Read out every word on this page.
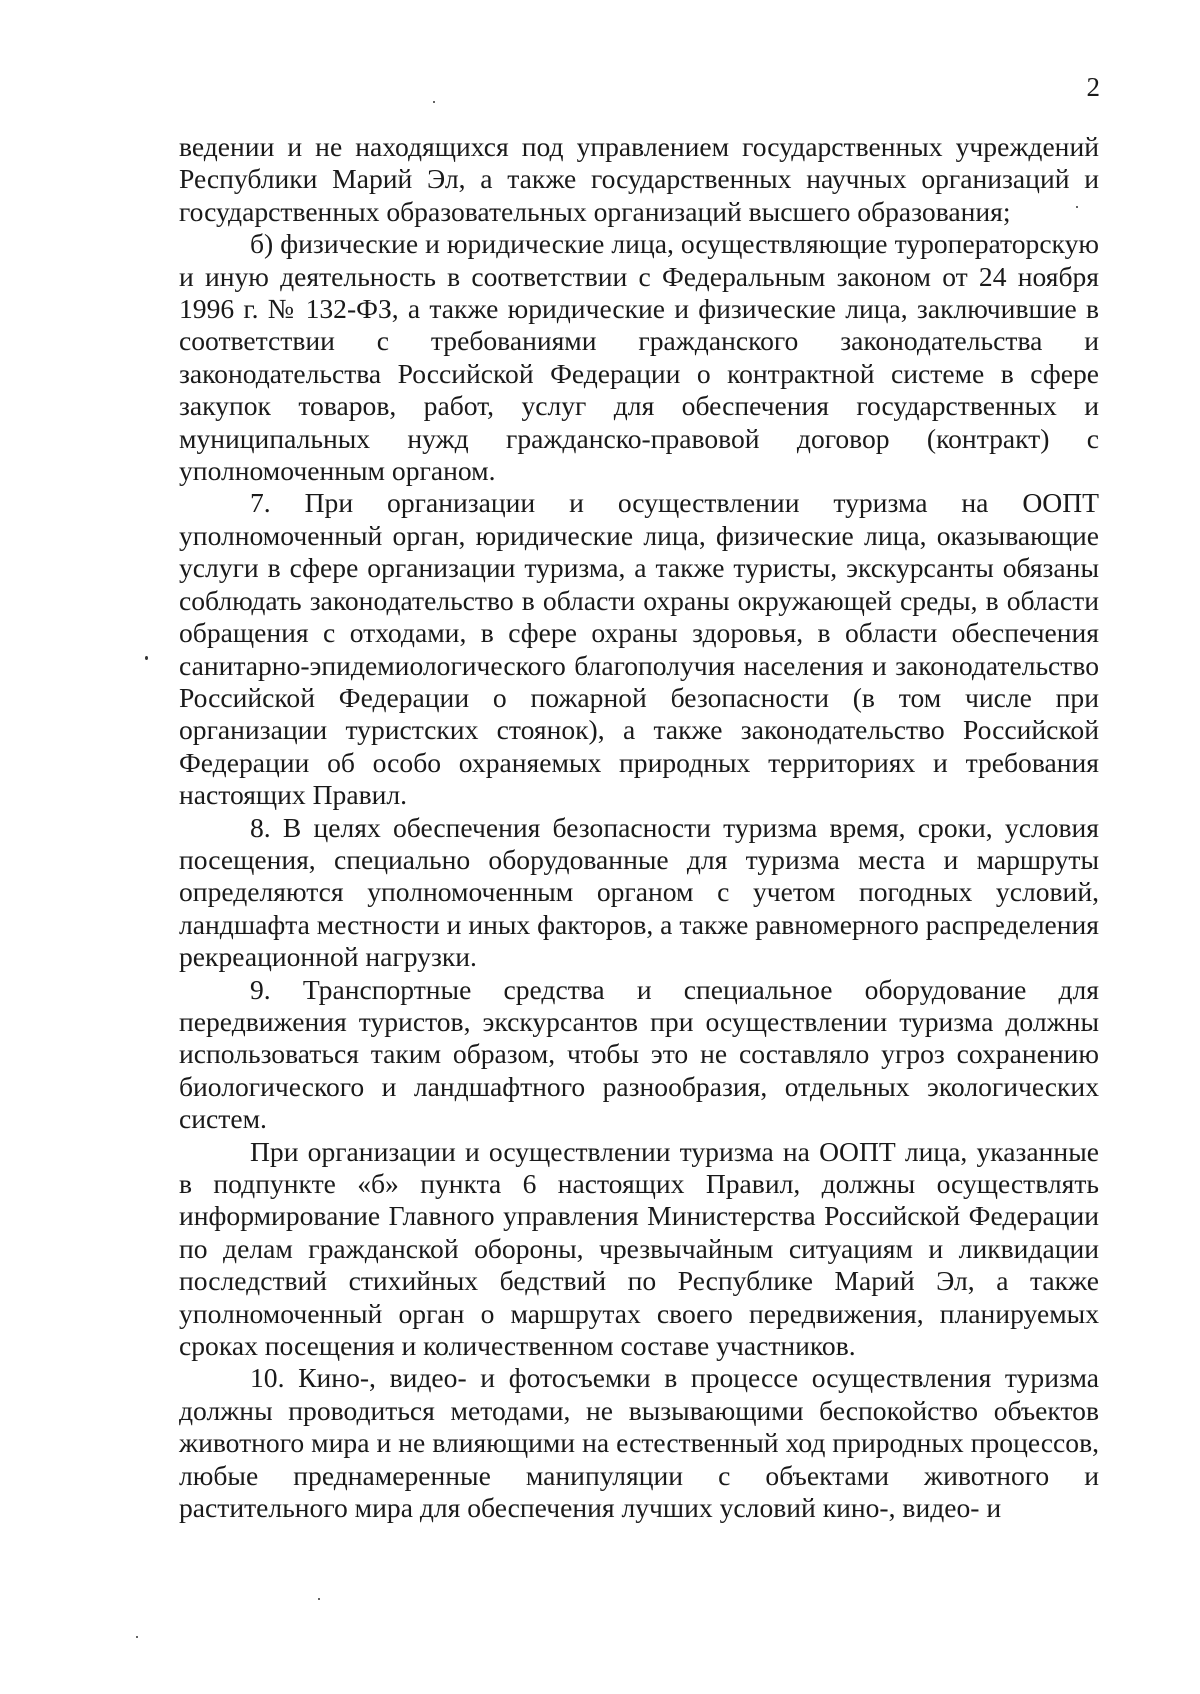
2

ведении и не находящихся под управлением государственных учреждений Республики Марий Эл, а также государственных научных организаций и государственных образовательных организаций высшего образования;

б) физические и юридические лица, осуществляющие туроператорскую и иную деятельность в соответствии с Федеральным законом от 24 ноября 1996 г. № 132-ФЗ, а также юридические и физические лица, заключившие в соответствии с требованиями гражданского законодательства и законодательства Российской Федерации о контрактной системе в сфере закупок товаров, работ, услуг для обеспечения государственных и муниципальных нужд гражданско-правовой договор (контракт) с уполномоченным органом.

7. При организации и осуществлении туризма на ООПТ уполномоченный орган, юридические лица, физические лица, оказывающие услуги в сфере организации туризма, а также туристы, экскурсанты обязаны соблюдать законодательство в области охраны окружающей среды, в области обращения с отходами, в сфере охраны здоровья, в области обеспечения санитарно-эпидемиологического благополучия населения и законодательство Российской Федерации о пожарной безопасности (в том числе при организации туристских стоянок), а также законодательство Российской Федерации об особо охраняемых природных территориях и требования настоящих Правил.

8. В целях обеспечения безопасности туризма время, сроки, условия посещения, специально оборудованные для туризма места и маршруты определяются уполномоченным органом с учетом погодных условий, ландшафта местности и иных факторов, а также равномерного распределения рекреационной нагрузки.

9. Транспортные средства и специальное оборудование для передвижения туристов, экскурсантов при осуществлении туризма должны использоваться таким образом, чтобы это не составляло угроз сохранению биологического и ландшафтного разнообразия, отдельных экологических систем.

При организации и осуществлении туризма на ООПТ лица, указанные в подпункте «б» пункта 6 настоящих Правил, должны осуществлять информирование Главного управления Министерства Российской Федерации по делам гражданской обороны, чрезвычайным ситуациям и ликвидации последствий стихийных бедствий по Республике Марий Эл, а также уполномоченный орган о маршрутах своего передвижения, планируемых сроках посещения и количественном составе участников.

10. Кино-, видео- и фотосъемки в процессе осуществления туризма должны проводиться методами, не вызывающими беспокойство объектов животного мира и не влияющими на естественный ход природных процессов, любые преднамеренные манипуляции с объектами животного и растительного мира для обеспечения лучших условий кино-, видео- и
